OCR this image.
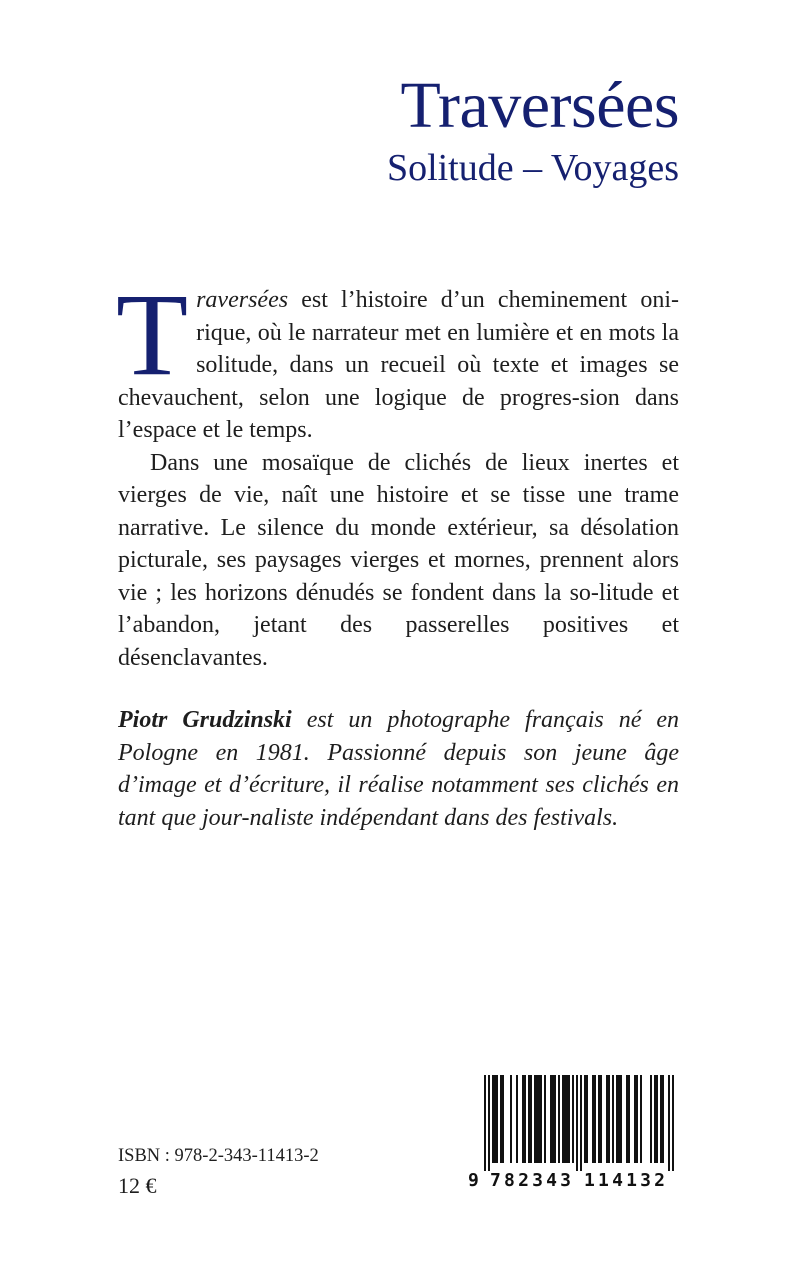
Traversées
Solitude – Voyages

Traversées est l’histoire d’un cheminement oni-rique, où le narrateur met en lumière et en mots la solitude, dans un recueil où texte et images se chevauchent, selon une logique de progres-sion dans l’espace et le temps.

Dans une mosaïque de clichés de lieux inertes et vierges de vie, naît une histoire et se tisse une trame narrative. Le silence du monde extérieur, sa désolation picturale, ses paysages vierges et mornes, prennent alors vie ; les horizons dénudés se fondent dans la so-litude et l’abandon, jetant des passerelles positives et désenclavantes.

Piotr Grudzinski est un photographe français né en Pologne en 1981. Passionné depuis son jeune âge d’image et d’écriture, il réalise notamment ses clichés en tant que jour-naliste indépendant dans des festivals.
ISBN : 978-2-343-11413-2
12 €	9 782343 114132
